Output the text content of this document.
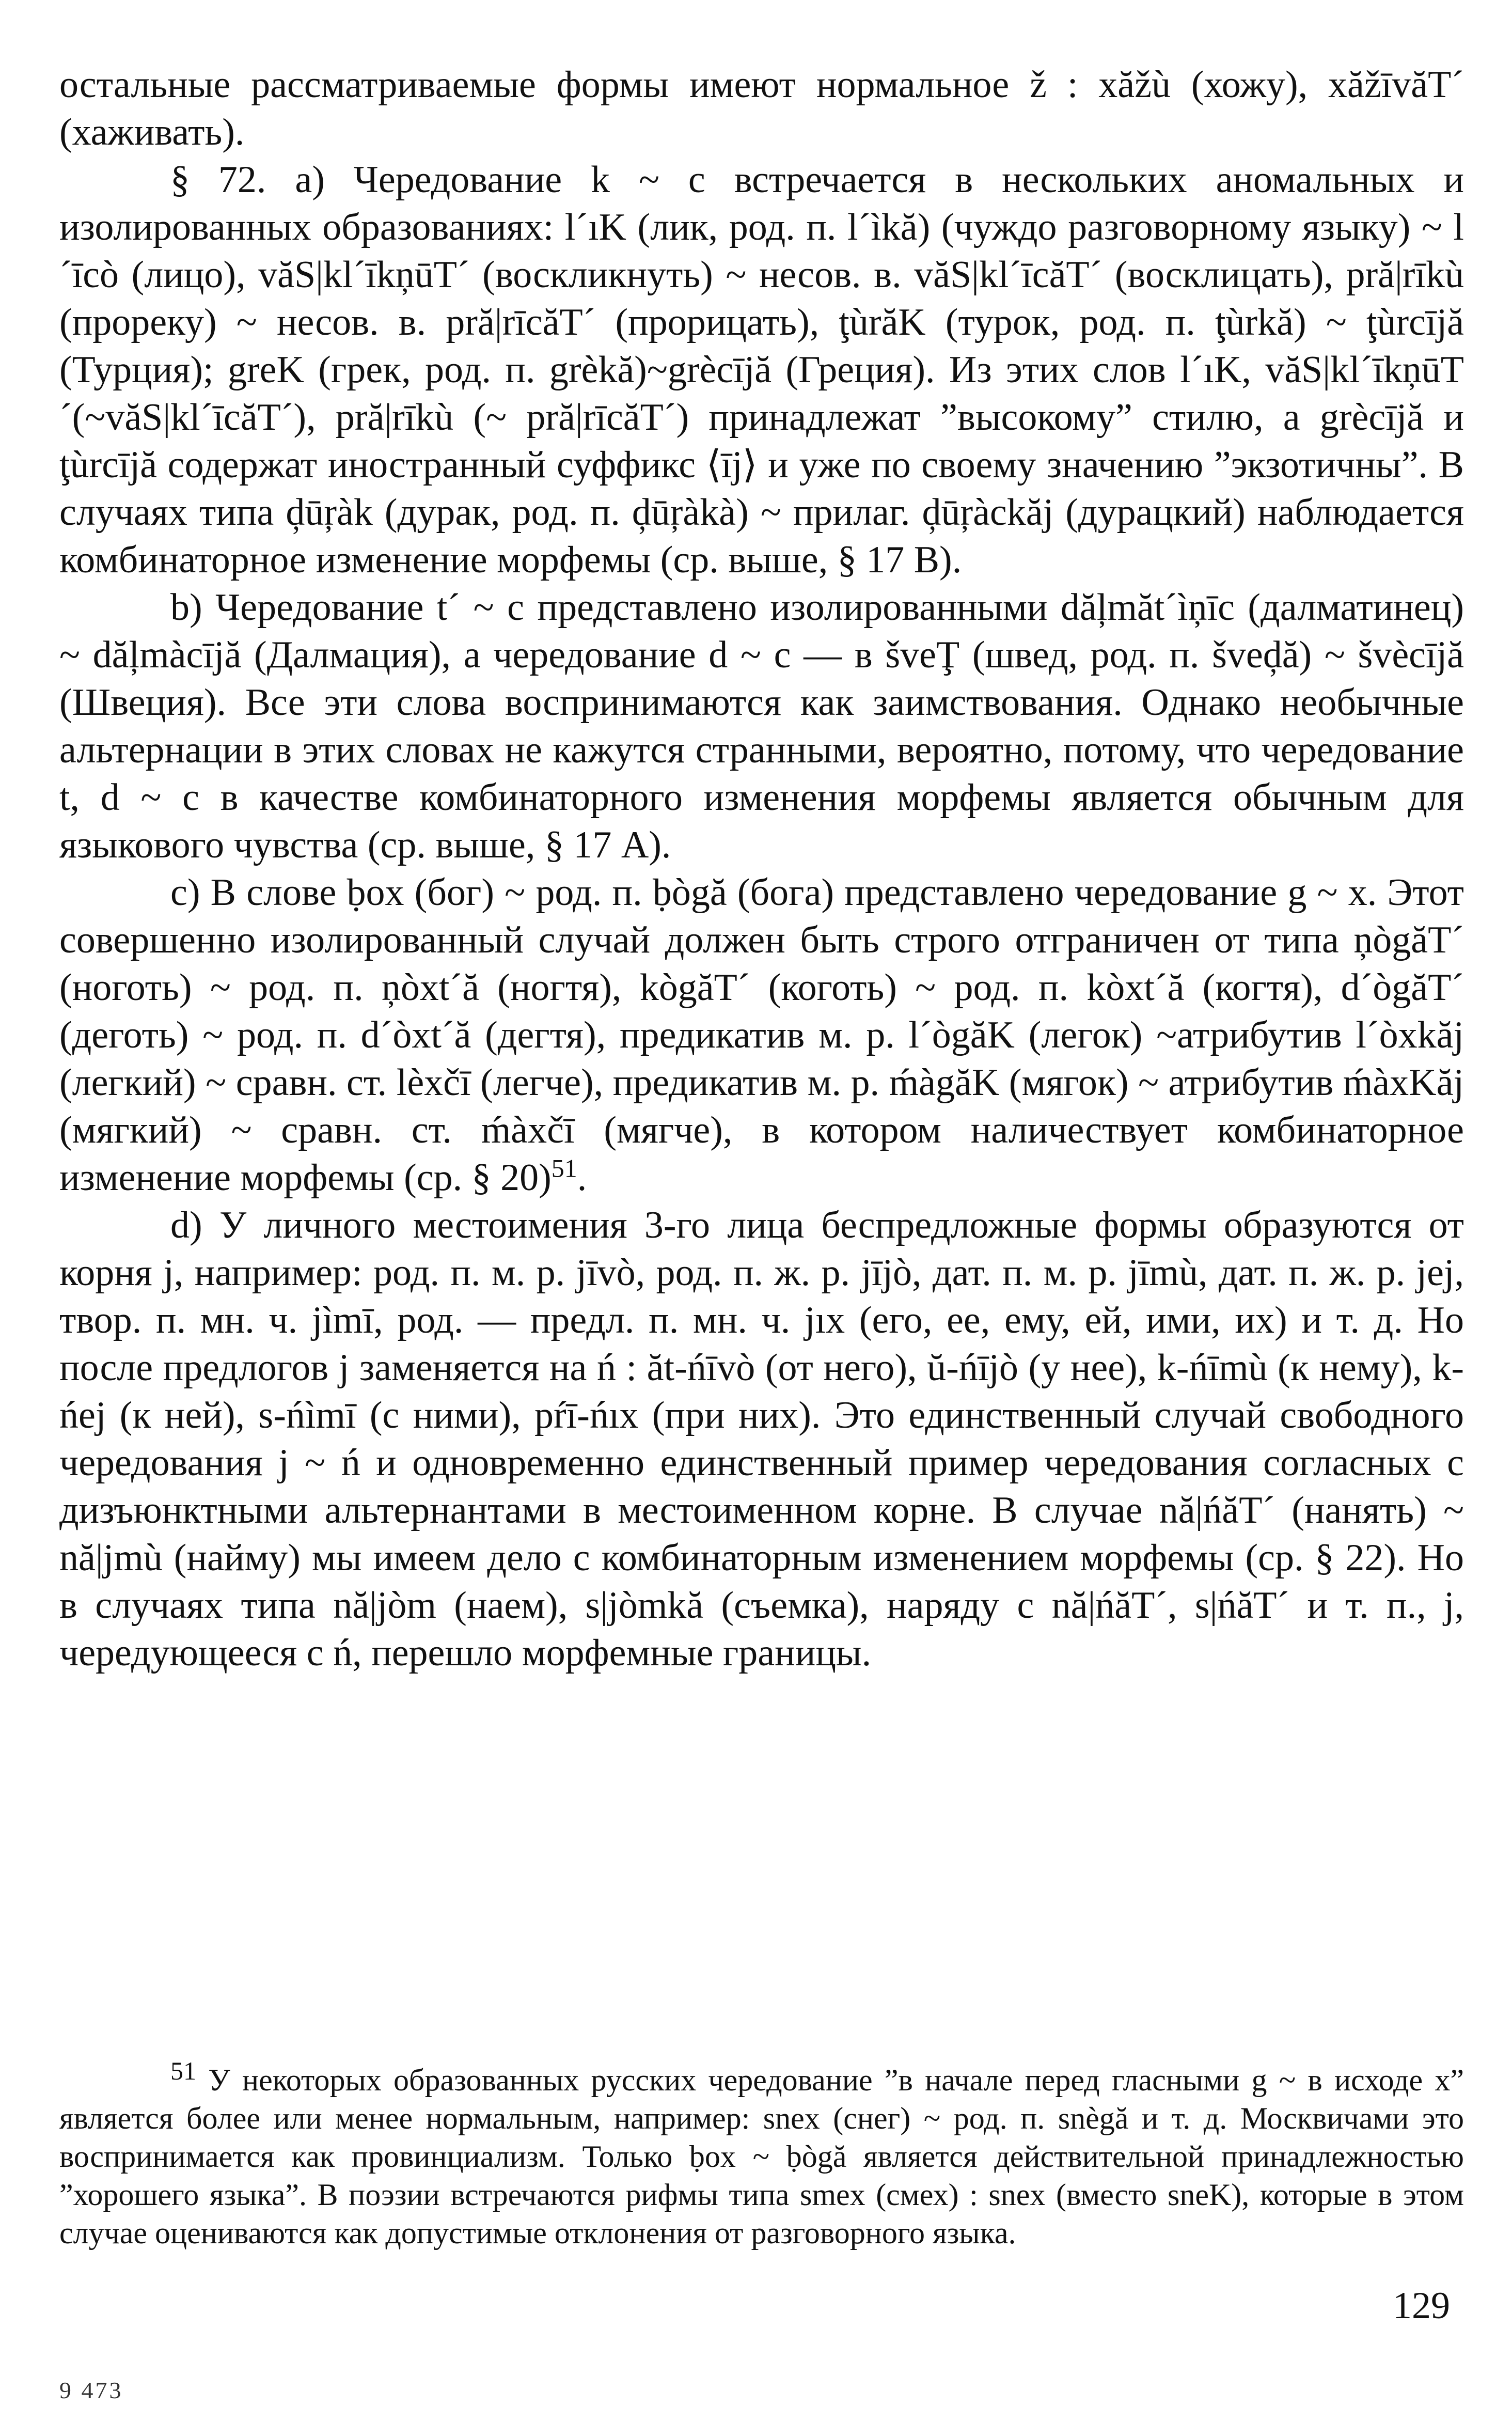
остальные рассматриваемые формы имеют нормальное ž : xăžù (хожу), xăžīvăT´ (хаживать).

§ 72. a) Чередование k ~ c встречается в нескольких аномальных и изолированных образованиях: l´ıK (лик, род. п. l´ìkă) (чуждо разговорному языку) ~ l´īcò (лицо), văS|kl´īkņūT´ (воскликнуть) ~ несов. в. văS|kl´īcăT´ (восклицать), pră|rīkù (прореку) ~ несов. в. pră|rīcăT´ (прорицать), ţùrăK (турок, род. п. ţùrkă) ~ ţùrcījă (Турция); greK (грек, род. п. grèkă)~grècījă (Греция). Из этих слов l´ıK, văS|kl´īkņūT´(~văS|kl´īcăT´), pră|rīkù (~ pră|rīcăT´) принадлежат ”высокому” стилю, a grècījă и ţùrcījă содержат иностранный суффикс ⟨īj⟩ и уже по своему значению ”экзотичны”. В случаях типа ḑūŗàk (дурак, род. п. ḑūŗàkà) ~ прилаг. ḑūŗàckăj (дурацкий) наблюдается комбинаторное изменение морфемы (ср. выше, § 17 B).

b) Чередование t´ ~ c представлено изолированными dăļmăt´ìņīc (далматинец) ~ dăļmàcījă (Далмация), a чередование d ~ c — в šveŢ (швед, род. п. šveḑă) ~ švècījă (Швеция). Все эти слова воспринимаются как заимствования. Однако необычные альтернации в этих словах не кажутся странными, вероятно, потому, что чередование t, d ~ c в качестве комбинаторного изменения морфемы является обычным для языкового чувства (ср. выше, § 17 A).

c) В слове ḅox (бог) ~ род. п. ḅògă (бога) представлено чередование g ~ x. Этот совершенно изолированный случай должен быть строго отграничен от типа ņògăT´ (ноготь) ~ род. п. ņòxt´ă (ногтя), kògăT´ (коготь) ~ род. п. kòxt´ă (когтя), d´ògăT´ (деготь) ~ род. п. d´òxt´ă (дегтя), предикатив м. р. l´ògăK (легок) ~атрибутив l´òxkăj (легкий) ~ сравн. ст. lèxčī (легче), предикатив м. р. ḿàgăK (мягок) ~ атрибутив ḿàxKăj (мягкий) ~ сравн. ст. ḿàxčī (мягче), в котором наличествует комбинаторное изменение морфемы (ср. § 20)$^{51}$.

d) У личного местоимения 3-го лица беспредложные формы образуются от корня j, например: род. п. м. р. jīvò, род. п. ж. р. jījò, дат. п. м. р. jīmù, дат. п. ж. р. jej, твор. п. мн. ч. jìmī, род. — предл. п. мн. ч. jıx (его, ее, ему, ей, ими, их) и т. д. Но после предлогов j заменяется на ń : ăt-ńīvò (от него), ŭ-ńījò (у нее), k-ńīmù (к нему), k-ńej (к ней), s-ńìmī (с ними), pŕī-ńıx (при них). Это единственный случай свободного чередования j ~ ń и одновременно единственный пример чередования согласных с дизъюнктными альтернантами в местоименном корне. В случае nă|ńăT´ (нанять) ~ nă|jmù (найму) мы имеем дело с комбинаторным изменением морфемы (ср. § 22). Но в случаях типа nă|jòm (наем), s|jòmkă (съемка), наряду с nă|ńăT´, s|ńăT´ и т. п., j, чередующееся с ń, перешло морфемные границы.

$^{51}$ У некоторых образованных русских чередование ”в начале перед гласными g ~ в исходе x” является более или менее нормальным, например: snex (снег) ~ род. п. snègă и т. д. Москвичами это воспринимается как провинциализм. Только ḅox ~ ḅògă является действительной принадлежностью ”хорошего языка”. В поэзии встречаются рифмы типа smex (смех) : snex (вместо sneK), которые в этом случае оцениваются как допустимые отклонения от разговорного языка.

129
9 473
